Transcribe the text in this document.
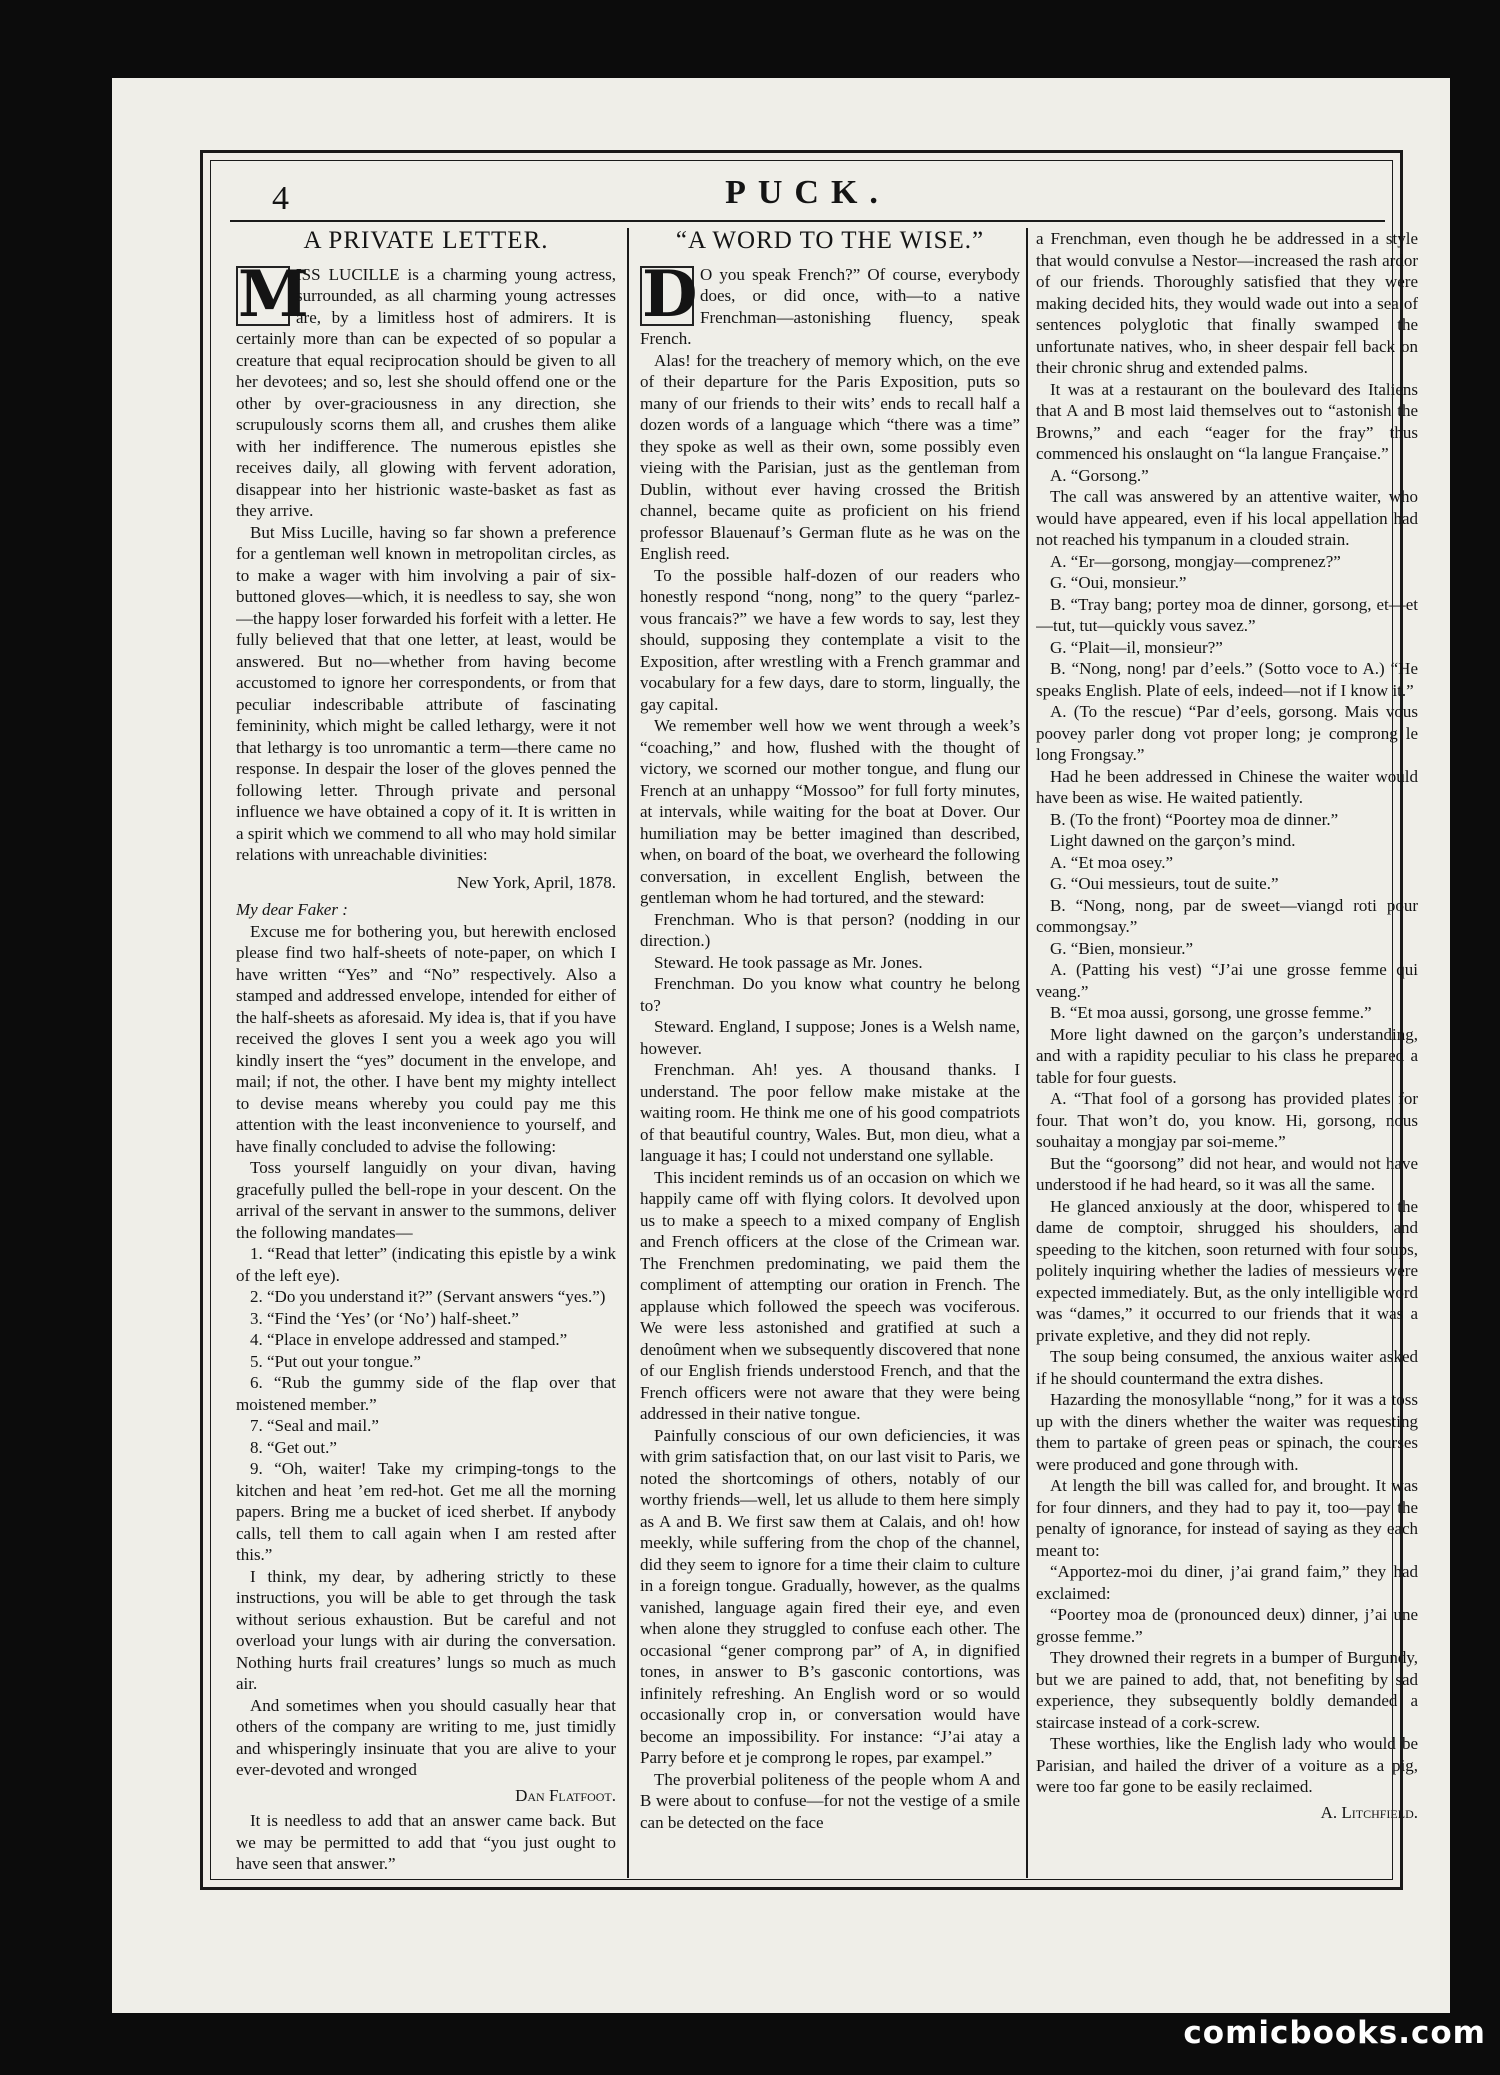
4	PUCK.
A PRIVATE LETTER.
M

ISS LUCILLE is a charming young actress, surrounded, as all charming young actresses are, by a limitless host of admirers. It is certainly more than can be expected of so popular a creature that equal reciprocation should be given to all her devotees; and so, lest she should offend one or the other by over-graciousness in any direction, she scrupulously scorns them all, and crushes them alike with her indifference. The numerous epistles she receives daily, all glowing with fervent adoration, disappear into her histrionic waste-basket as fast as they arrive.

But Miss Lucille, having so far shown a preference for a gentleman well known in metropolitan circles, as to make a wager with him involving a pair of six-buttoned gloves—which, it is needless to say, she won—the happy loser forwarded his forfeit with a letter. He fully believed that that one letter, at least, would be answered. But no—whether from having become accustomed to ignore her correspondents, or from that peculiar indescribable attribute of fascinating femininity, which might be called lethargy, were it not that lethargy is too unromantic a term—there came no response. In despair the loser of the gloves penned the following letter. Through private and personal influence we have obtained a copy of it. It is written in a spirit which we commend to all who may hold similar relations with unreachable divinities:

New York, April, 1878.

My dear Faker :

Excuse me for bothering you, but herewith enclosed please find two half-sheets of note-paper, on which I have written “Yes” and “No” respectively. Also a stamped and addressed envelope, intended for either of the half-sheets as aforesaid. My idea is, that if you have received the gloves I sent you a week ago you will kindly insert the “yes” document in the envelope, and mail; if not, the other. I have bent my mighty intellect to devise means whereby you could pay me this attention with the least inconvenience to yourself, and have finally concluded to advise the following:

Toss yourself languidly on your divan, having gracefully pulled the bell-rope in your descent. On the arrival of the servant in answer to the summons, deliver the following mandates—

1. “Read that letter” (indicating this epistle by a wink of the left eye).

2. “Do you understand it?” (Servant answers “yes.”)

3. “Find the ‘Yes’ (or ‘No’) half-sheet.”

4. “Place in envelope addressed and stamped.”

5. “Put out your tongue.”

6. “Rub the gummy side of the flap over that moistened member.”

7. “Seal and mail.”

8. “Get out.”

9. “Oh, waiter! Take my crimping-tongs to the kitchen and heat ’em red-hot. Get me all the morning papers. Bring me a bucket of iced sherbet. If anybody calls, tell them to call again when I am rested after this.”

I think, my dear, by adhering strictly to these instructions, you will be able to get through the task without serious exhaustion. But be careful and not overload your lungs with air during the conversation. Nothing hurts frail creatures’ lungs so much as much air.

And sometimes when you should casually hear that others of the company are writing to me, just timidly and whisperingly insinuate that you are alive to your ever-devoted and wronged

Dan Flatfoot.

It is needless to add that an answer came back. But we may be permitted to add that “you just ought to have seen that answer.”

“A WORD TO THE WISE.”
D O you speak French?” Of course, everybody does, or did once, with—to a native Frenchman—astonishing fluency, speak French.

Alas! for the treachery of memory which, on the eve of their departure for the Paris Exposition, puts so many of our friends to their wits’ ends to recall half a dozen words of a language which “there was a time” they spoke as well as their own, some possibly even vieing with the Parisian, just as the gentleman from Dublin, without ever having crossed the British channel, became quite as proficient on his friend professor Blauenauf’s German flute as he was on the English reed.

To the possible half-dozen of our readers who honestly respond “nong, nong” to the query “parlez-vous francais?” we have a few words to say, lest they should, supposing they contemplate a visit to the Exposition, after wrestling with a French grammar and vocabulary for a few days, dare to storm, lingually, the gay capital.

We remember well how we went through a week’s “coaching,” and how, flushed with the thought of victory, we scorned our mother tongue, and flung our French at an unhappy “Mossoo” for full forty minutes, at intervals, while waiting for the boat at Dover. Our humiliation may be better imagined than described, when, on board of the boat, we overheard the following conversation, in excellent English, between the gentleman whom he had tortured, and the steward:

Frenchman. Who is that person? (nodding in our direction.)

Steward. He took passage as Mr. Jones.

Frenchman. Do you know what country he belong to?

Steward. England, I suppose; Jones is a Welsh name, however.

Frenchman. Ah! yes. A thousand thanks. I understand. The poor fellow make mistake at the waiting room. He think me one of his good compatriots of that beautiful country, Wales. But, mon dieu, what a language it has; I could not understand one syllable.

This incident reminds us of an occasion on which we happily came off with flying colors. It devolved upon us to make a speech to a mixed company of English and French officers at the close of the Crimean war. The Frenchmen predominating, we paid them the compliment of attempting our oration in French. The applause which followed the speech was vociferous. We were less astonished and gratified at such a denoûment when we subsequently discovered that none of our English friends understood French, and that the French officers were not aware that they were being addressed in their native tongue.

Painfully conscious of our own deficiencies, it was with grim satisfaction that, on our last visit to Paris, we noted the shortcomings of others, notably of our worthy friends—well, let us allude to them here simply as A and B. We first saw them at Calais, and oh! how meekly, while suffering from the chop of the channel, did they seem to ignore for a time their claim to culture in a foreign tongue. Gradually, however, as the qualms vanished, language again fired their eye, and even when alone they struggled to confuse each other. The occasional “gener comprong par” of A, in dignified tones, in answer to B’s gasconic contortions, was infinitely refreshing. An English word or so would occasionally crop in, or conversation would have become an impossibility. For instance: “J’ai atay a Parry before et je comprong le ropes, par exampel.”

The proverbial politeness of the people whom A and B were about to confuse—for not the vestige of a smile can be detected on the face

a Frenchman, even though he be addressed in a style that would convulse a Nestor—increased the rash ardor of our friends. Thoroughly satisfied that they were making decided hits, they would wade out into a sea of sentences polyglotic that finally swamped the unfortunate natives, who, in sheer despair fell back on their chronic shrug and extended palms.

It was at a restaurant on the boulevard des Italiens that A and B most laid themselves out to “astonish the Browns,” and each “eager for the fray” thus commenced his onslaught on “la langue Française.”

A. “Gorsong.”

The call was answered by an attentive waiter, who would have appeared, even if his local appellation had not reached his tympanum in a clouded strain.

A. “Er—gorsong, mongjay—comprenez?”

G. “Oui, monsieur.”

B. “Tray bang; portey moa de dinner, gorsong, et—et—tut, tut—quickly vous savez.”

G. “Plait—il, monsieur?”

B. “Nong, nong! par d’eels.” (Sotto voce to A.) “He speaks English. Plate of eels, indeed—not if I know it.”

A. (To the rescue) “Par d’eels, gorsong. Mais vous poovey parler dong vot proper long; je comprong le long Frongsay.”

Had he been addressed in Chinese the waiter would have been as wise. He waited patiently.

B. (To the front) “Poortey moa de dinner.”

Light dawned on the garçon’s mind.

A. “Et moa osey.”

G. “Oui messieurs, tout de suite.”

B. “Nong, nong, par de sweet—viangd roti pour commongsay.”

G. “Bien, monsieur.”

A. (Patting his vest) “J’ai une grosse femme qui veang.”

B. “Et moa aussi, gorsong, une grosse femme.”

More light dawned on the garçon’s understanding, and with a rapidity peculiar to his class he prepared a table for four guests.

A. “That fool of a gorsong has provided plates for four. That won’t do, you know. Hi, gorsong, nous souhaitay a mongjay par soi-meme.”

But the “goorsong” did not hear, and would not have understood if he had heard, so it was all the same.

He glanced anxiously at the door, whispered to the dame de comptoir, shrugged his shoulders, and speeding to the kitchen, soon returned with four soups, politely inquiring whether the ladies of messieurs were expected immediately. But, as the only intelligible word was “dames,” it occurred to our friends that it was a private expletive, and they did not reply.

The soup being consumed, the anxious waiter asked if he should countermand the extra dishes.

Hazarding the monosyllable “nong,” for it was a toss up with the diners whether the waiter was requesting them to partake of green peas or spinach, the courses were produced and gone through with.

At length the bill was called for, and brought. It was for four dinners, and they had to pay it, too—pay the penalty of ignorance, for instead of saying as they each meant to:

“Apportez-moi du diner, j’ai grand faim,” they had exclaimed:

“Poortey moa de (pronounced deux) dinner, j’ai une grosse femme.”

They drowned their regrets in a bumper of Burgundy, but we are pained to add, that, not benefiting by sad experience, they subsequently boldly demanded a staircase instead of a cork-screw.

These worthies, like the English lady who would be Parisian, and hailed the driver of a voiture as a pig, were too far gone to be easily reclaimed.

A. Litchfield.

comicbooks.com
